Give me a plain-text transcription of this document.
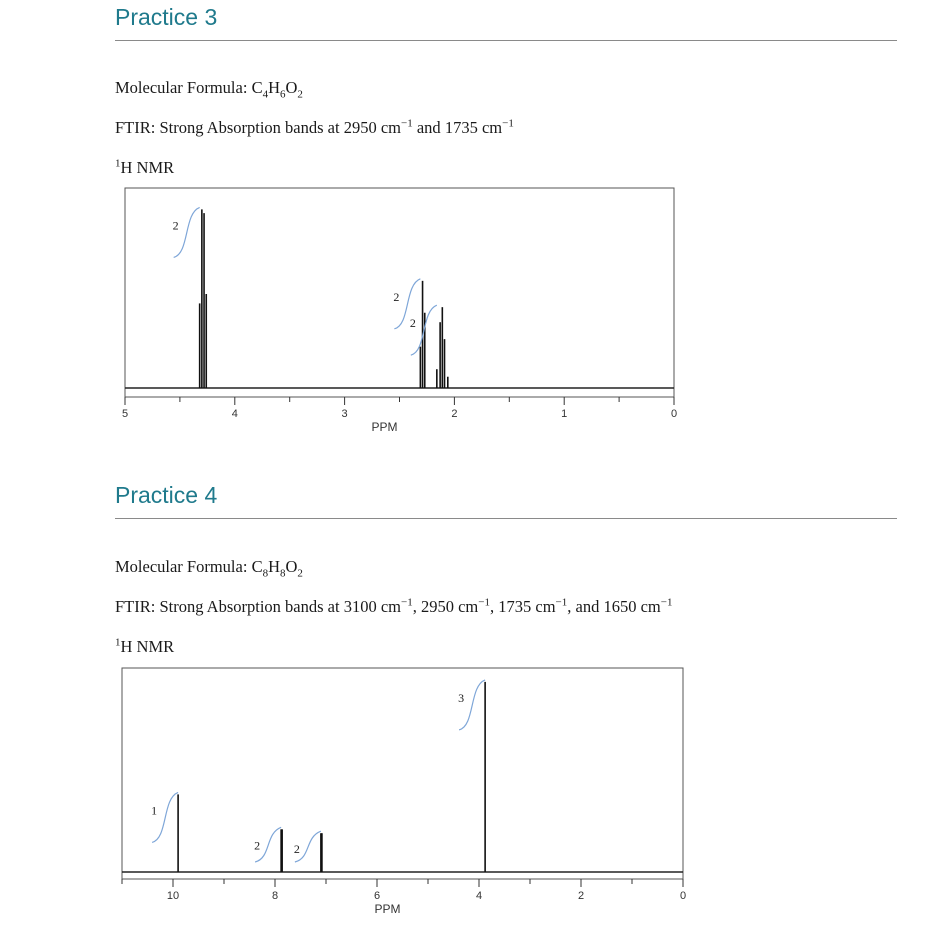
Practice 3
Molecular Formula: $C_4H_6O_2$
FTIR: Strong Absorption bands at 2950 $cm^{-1}$ and 1735 $cm^{-1}$
$^1$H NMR
5	4	3	2	1	0
PPM
2
2
2
Practice 4
Molecular Formula: $C_8H_8O_2$
FTIR: Strong Absorption bands at 3100 $cm^{-1}$, 2950 $cm^{-1}$, 1735 $cm^{-1}$, and 1650 $cm^{-1}$
$^1$H NMR
10	8	6	4	2	0
PPM
1
2	2
3
